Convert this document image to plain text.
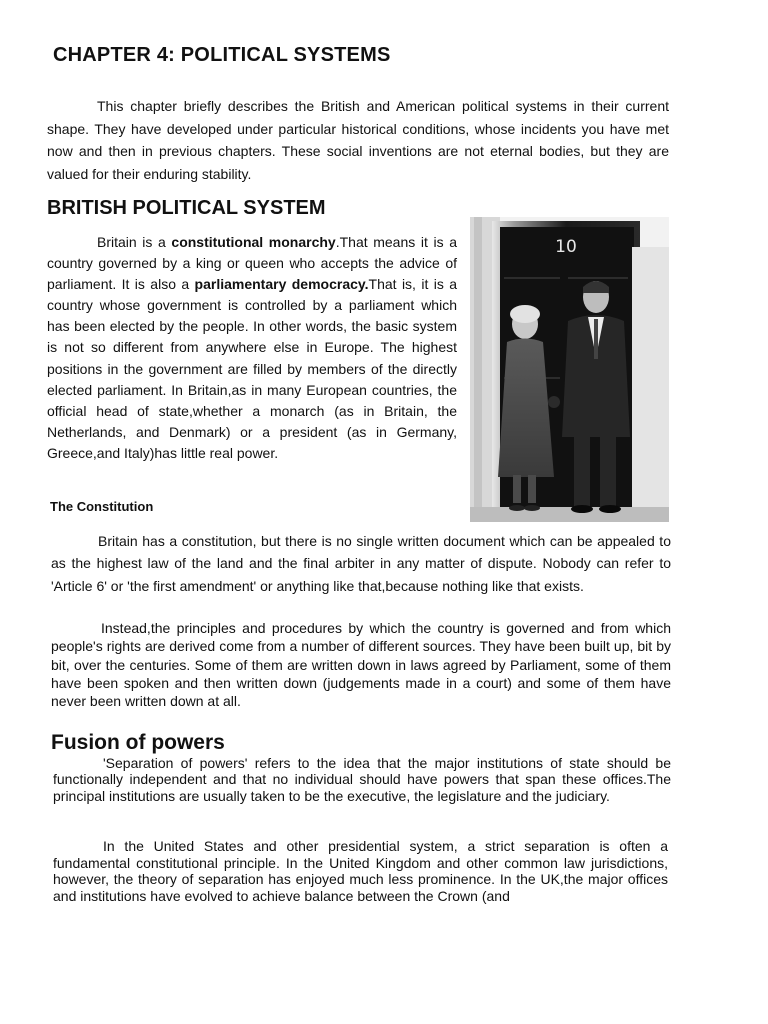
CHAPTER 4: POLITICAL SYSTEMS

This chapter briefly describes the British and American political systems in their current shape. They have developed under particular historical conditions, whose incidents you have met now and then in previous chapters. These social inventions are not eternal bodies, but they are valued for their enduring stability.

BRITISH POLITICAL SYSTEM

Britain is a constitutional monarchy.That means it is a country governed by a king or queen who accepts the advice of parliament. It is also a parliamentary democracy.That is, it is a country whose government is controlled by a parliament which has been elected by the people. In other words, the basic system is not so different from anywhere else in Europe. The highest positions in the government are filled by members of the directly elected parliament. In Britain,as in many European countries, the official head of state,whether a monarch (as in Britain, the Netherlands, and Denmark) or a president (as in Germany, Greece,and Italy)has little real power.

10
The Constitution

Britain has a constitution, but there is no single written document which can be appealed to as the highest law of the land and the final arbiter in any matter of dispute. Nobody can refer to 'Article 6' or 'the first amendment' or anything like that,because nothing like that exists.

Instead,the principles and procedures by which the country is governed and from which people's rights are derived come from a number of different sources. They have been built up, bit by bit, over the centuries. Some of them are written down in laws agreed by Parliament, some of them have been spoken and then written down (judgements made in a court) and some of them have never been written down at all.

Fusion of powers

'Separation of powers' refers to the idea that the major institutions of state should be functionally independent and that no individual should have powers that span these offices.The principal institutions are usually taken to be the executive, the legislature and the judiciary.

In the United States and other presidential system, a strict separation is often a fundamental constitutional principle. In the United Kingdom and other common law jurisdictions, however, the theory of separation has enjoyed much less prominence. In the UK,the major offices and institutions have evolved to achieve balance between the Crown (and
